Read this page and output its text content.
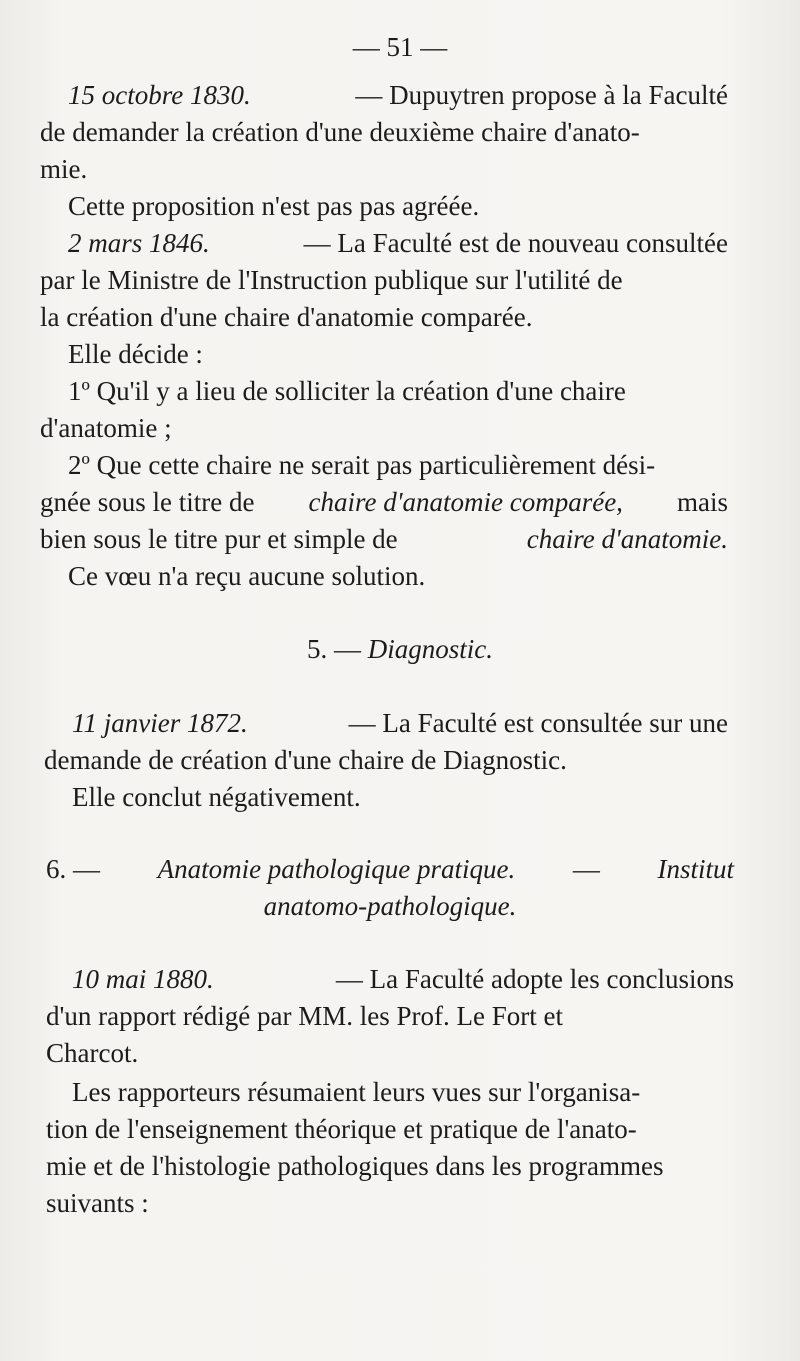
— 51 —
15 octobre 1830.	— Dupuytren propose à la Faculté
de demander la création d'une deuxième chaire d'anato-
mie.
Cette proposition n'est pas pas agréée.
2 mars 1846.	— La Faculté est de nouveau consultée
par le Ministre de l'Instruction publique sur l'utilité de
la création d'une chaire d'anatomie comparée.
Elle décide :
1º Qu'il y a lieu de solliciter la création d'une chaire
d'anatomie ;
2º Que cette chaire ne serait pas particulièrement dési-
gnée sous le titre de chaire d'anatomie comparée, mais
bien sous le titre pur et simple de	chaire d'anatomie.
Ce vœu n'a reçu aucune solution.
5. — Diagnostic.
11 janvier 1872.	— La Faculté est consultée sur une
demande de création d'une chaire de Diagnostic.
Elle conclut négativement.
6. — Anatomie pathologique pratique. — Institut
anatomo-pathologique.
10 mai 1880.	— La Faculté adopte les conclusions
d'un rapport rédigé par MM. les Prof. Le Fort et
Charcot.
Les rapporteurs résumaient leurs vues sur l'organisa-
tion de l'enseignement théorique et pratique de l'anato-
mie et de l'histologie pathologiques dans les programmes
suivants :
